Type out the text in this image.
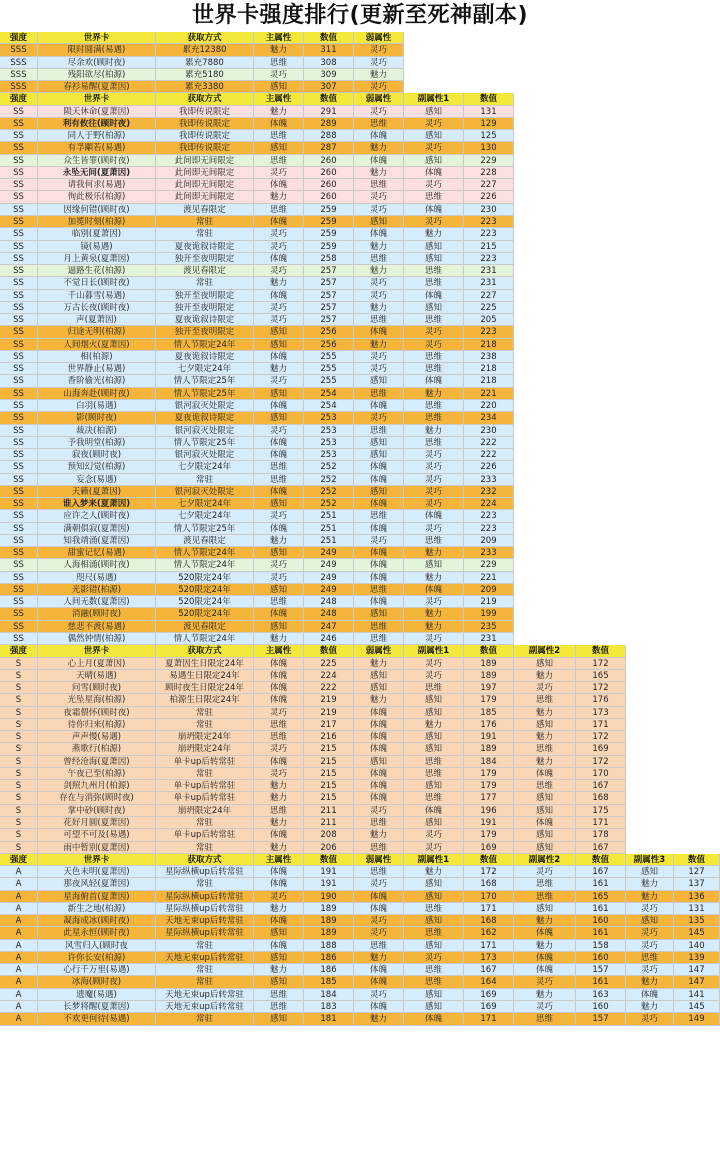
世界卡强度排行(更新至死神副本)
强度	世界卡	获取方式	主属性	数值	弱属性
SSS	限时圆满(易遇)	累充12380	魅力	311	灵巧
SSS	尽余欢(顾时夜)	累充7880	思维	308	灵巧
SSS	残阳欲尽(柏源)	累充5180	灵巧	309	魅力
SSS	春衫易醒(夏萧因)	累充3380	感知	307	灵巧
强度	世界卡	获取方式	主属性	数值	弱属性	副属性1	数值
SS	陨天休命(夏萧因)	我即传说限定	魅力	291	灵巧	感知	131
SS	利有攸往(顾时夜)	我即传说限定	体魄	289	思维	灵巧	129
SS	同人于野(柏源)	我即传说限定	思维	288	体魄	感知	125
SS	有孚顒若(易遇)	我即传说限定	感知	287	魅力	灵巧	130
SS	众生皆罪(顾时夜)	此间即无间限定	思维	260	体魄	感知	229
SS	永坠无间(夏萧因)	此间即无间限定	灵巧	260	魅力	体魄	228
SS	请我何求(易遇)	此间即无间限定	体魄	260	思维	灵巧	227
SS	徇此极乐(柏源)	此间即无间限定	魅力	260	灵巧	思维	226
SS	因缘何错(顾时夜)	渡见春限定	思维	259	灵巧	体魄	230
SS	加冕时刻(柏源)	常驻	体魄	259	感知	灵巧	223
SS	临别(夏萧因)	常驻	灵巧	259	体魄	魅力	223
SS	镜(易遇)	夏夜诡叙诗限定	灵巧	259	魅力	感知	215
SS	月上黄泉(夏萧因)	独开至夜明限定	体魄	258	思维	感知	223
SS	逼路生花(柏源)	渡见春限定	灵巧	257	魅力	思维	231
SS	不觉日长(顾时夜)	常驻	魅力	257	灵巧	思维	231
SS	千山暮雪(易遇)	独开至夜明限定	体魄	257	灵巧	体魄	227
SS	万古长夜(顾时夜)	独开至夜明限定	灵巧	257	魅力	感知	225
SS	声(夏萧因)	夏夜诡叙诗限定	灵巧	257	思维	思维	205
SS	归途无明(柏源)	独开至夜明限定	感知	256	体魄	灵巧	223
SS	人间烟火(夏萧因)	情人节限定24年	感知	256	魅力	灵巧	218
SS	相(柏源)	夏夜诡叙诗限定	体魄	255	灵巧	思维	238
SS	世界静止(易遇)	七夕限定24年	魅力	255	灵巧	思维	218
SS	香阶偷光(柏源)	情人节限定25年	灵巧	255	感知	体魄	218
SS	山海奔赴(顾时夜)	情人节限定25年	感知	254	思维	魅力	221
SS	白羽(易遇)	银河寂灭处限定	体魄	254	体魄	思维	220
SS	影(顾时夜)	夏夜诡叙诗限定	感知	253	灵巧	思维	234
SS	裁决(柏源)	银河寂灭处限定	灵巧	253	思维	魅力	230
SS	予我明堂(柏源)	情人节限定25年	体魄	253	感知	思维	222
SS	寂夜(顾时夜)	银河寂灭处限定	体魄	253	感知	灵巧	222
SS	预知幻觉(柏源)	七夕限定24年	思维	252	体魄	灵巧	226
SS	妄念(易遇)	常驻	思维	252	体魄	灵巧	233
SS	天籁(夏萧因)	银河寂灭处限定	体魄	252	感知	灵巧	232
SS	谁入梦来(夏萧因)	七夕限定24年	感知	252	体魄	灵巧	224
SS	应许之人(顾时夜)	七夕限定24年	灵巧	251	思维	体魄	223
SS	满朝俱寂(夏萧因)	情人节限定25年	体魄	251	体魄	灵巧	223
SS	知我靖涌(夏萧因)	渡见春限定	魅力	251	灵巧	思维	209
SS	甜蜜记忆(易遇)	情人节限定24年	感知	249	体魄	魅力	233
SS	人海相涌(顾时夜)	情人节限定24年	灵巧	249	体魄	感知	229
SS	咫尺(易遇)	520限定24年	灵巧	249	体魄	魅力	221
SS	光影错(柏源)	520限定24年	感知	249	思维	体魄	209
SS	人间无数(夏萧因)	520限定24年	思维	248	体魄	灵巧	219
SS	消融(顾时夜)	520限定24年	体魄	248	感知	魅力	199
SS	慈悲不渡(易遇)	渡见春限定	感知	247	思维	魅力	235
SS	偶然钟情(柏源)	情人节限定24年	魅力	246	思维	灵巧	231
强度	世界卡	获取方式	主属性	数值	弱属性	副属性1	数值	副属性2	数值
S	心上月(夏萧因)	夏萧因生日限定24年	体魄	225	魅力	灵巧	189	感知	172
S	天晴(易遇)	易遇生日限定24年	体魄	224	感知	灵巧	189	魅力	165
S	问雪(顾时夜)	顾时夜生日限定24年	体魄	222	感知	思维	197	灵巧	172
S	光坠星海(柏源)	柏源生日限定24年	体魄	219	魅力	感知	179	思维	176
S	夜霜偎怀(顾时夜)	常驻	灵巧	219	体魄	感知	185	魅力	173
S	待你归来(柏源)	常驻	思维	217	体魄	魅力	176	感知	171
S	声声慢(易遇)	崩坍限定24年	思维	216	体魄	感知	191	魅力	172
S	燕歌行(柏源)	崩坍限定24年	灵巧	215	体魄	感知	189	思维	169
S	曾经沧海(夏萧因)	单卡up后转常驻	体魄	215	感知	思维	184	魅力	172
S	午夜已至(柏源)	常驻	灵巧	215	体魄	思维	179	体魄	170
S	剑照九州月(柏源)	单卡up后转常驻	魅力	215	体魄	感知	179	思维	167
S	存在与消弥(顾时夜)	单卡up后转常驻	魅力	215	体魄	思维	177	感知	168
S	掌中砂(顾时夜)	崩坍限定24年	思维	211	灵巧	体魄	196	感知	175
S	花好月圆(夏萧因)	常驻	魅力	211	思维	感知	191	体魄	171
S	可望不可及(易遇)	单卡up后转常驻	体魄	208	魅力	灵巧	179	感知	178
S	雨中暂别(夏萧因)	常驻	魅力	206	思维	灵巧	169	感知	167
强度	世界卡	获取方式	主属性	数值	弱属性	副属性1	数值	副属性2	数值	副属性3	数值
A	天色未明(夏萧因)	星际纵横up后转常驻	体魄	191	思维	魅力	172	灵巧	167	感知	127
A	那夜风轻(夏萧因)	常驻	体魄	191	灵巧	感知	168	思维	161	魅力	137
A	星海俯首(夏萧因)	星际纵横up后转常驻	灵巧	190	体魄	感知	170	思维	165	魅力	136
A	新生之地(柏源)	星际纵横up后转常驻	魅力	189	体魄	思维	171	感知	161	灵巧	131
A	凝海成冰(顾时夜)	天地无束up后转常驻	体魄	189	灵巧	感知	168	魅力	160	感知	135
A	此星永恒(顾时夜)	星际纵横up后转常驻	感知	189	灵巧	思维	162	体魄	161	灵巧	145
A	风雪归人(顾时夜	常驻	体魄	188	思维	感知	171	魅力	158	灵巧	140
A	许你长安(柏源)	天地无束up后转常驻	感知	186	魅力	灵巧	173	体魄	160	思维	139
A	心行千万里(易遇)	常驻	魅力	186	体魄	思维	167	体魄	157	灵巧	147
A	冰海(顾时夜)	常驻	感知	185	体魄	思维	164	灵巧	161	魅力	147
A	遗魔(易遇)	天地无束up后转常驻	思维	184	灵巧	感知	169	魅力	163	体魄	141
A	长梦将醒(夏萧因)	天地无束up后转常驻	思维	183	体魄	感知	169	灵巧	160	魅力	145
A	不欢更何待(易遇)	常驻	感知	181	魅力	体魄	171	思维	157	灵巧	149
